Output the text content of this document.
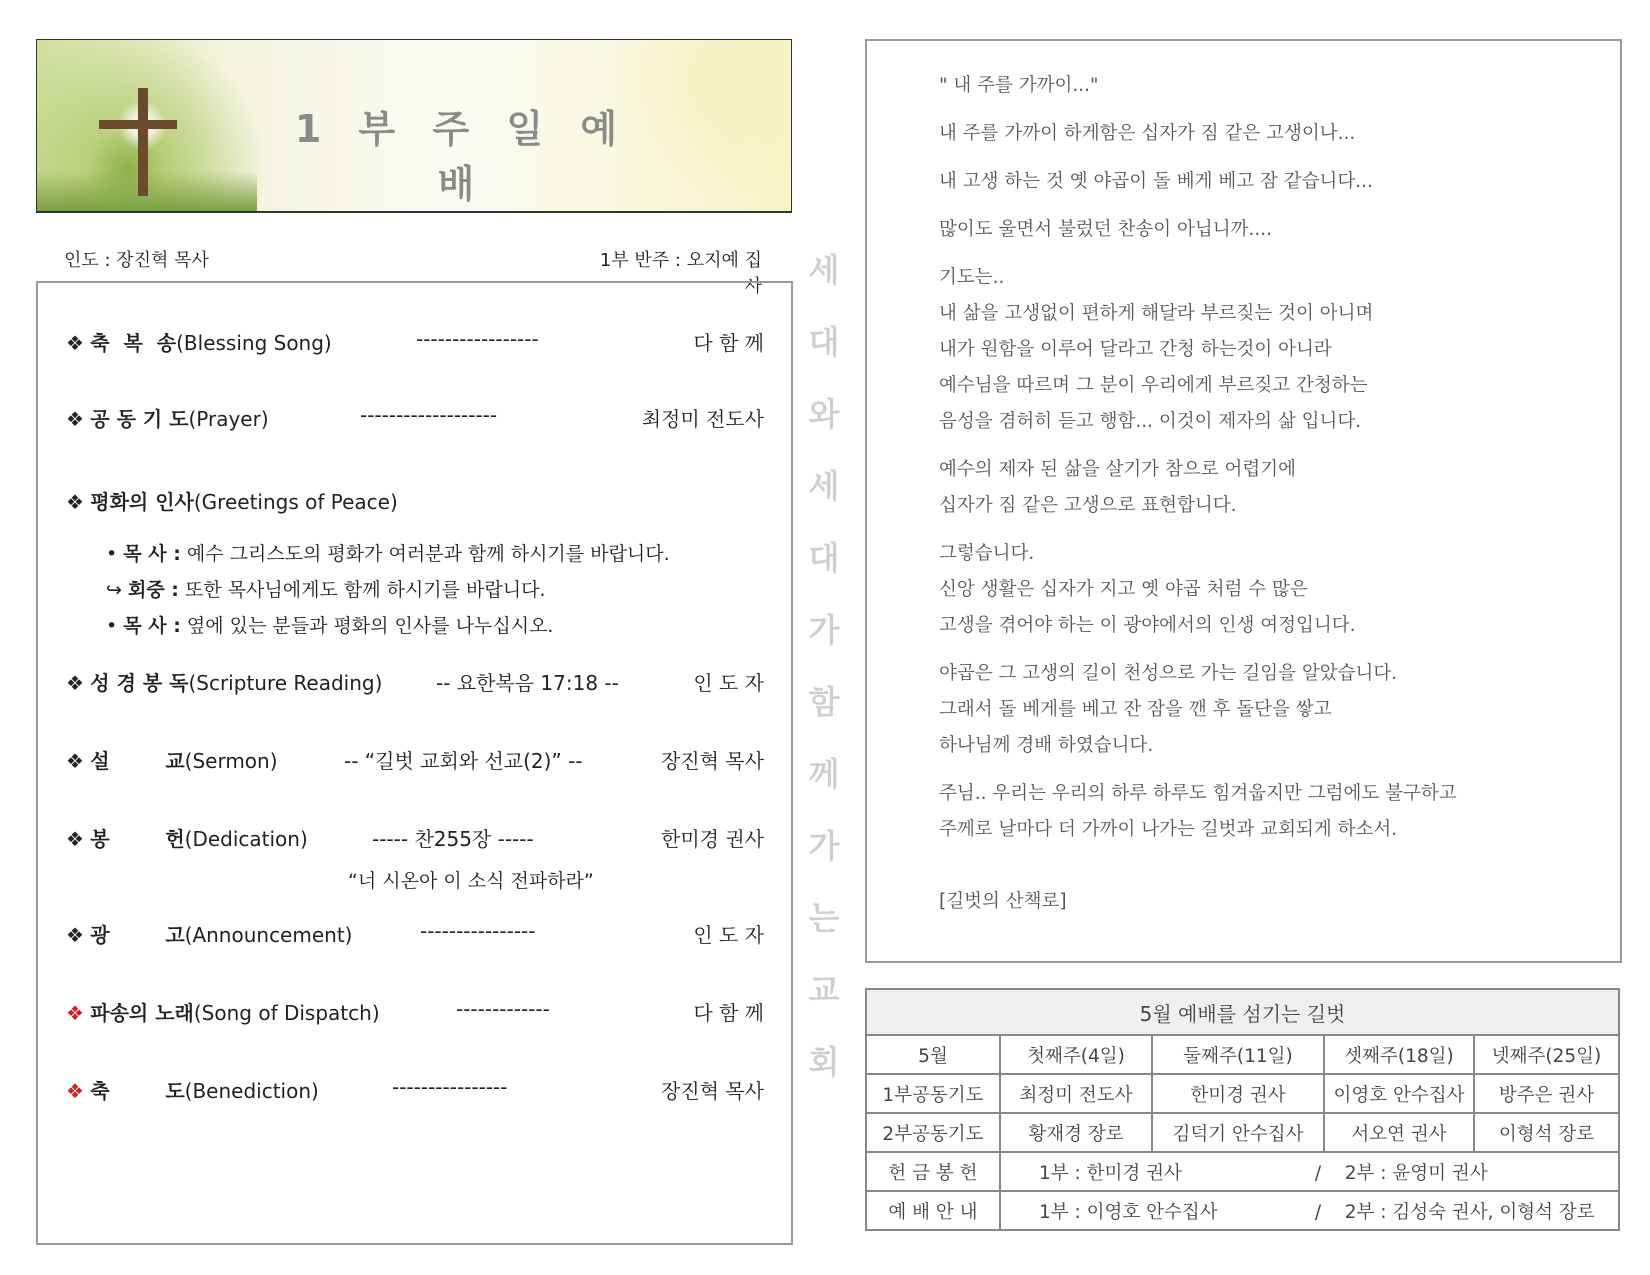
1 부 주 일 예 배
인도 : 장진혁 목사	1부 반주 : 오지예 집사
❖ 축  복  송(Blessing Song)	-----------------	다 함 께
❖ 공 동 기 도(Prayer)	-------------------	최정미 전도사
❖ 평화의 인사(Greetings of Peace)
• 목 사 : 예수 그리스도의 평화가 여러분과 함께 하시기를 바랍니다.
↪ 회중 : 또한 목사님에게도 함께 하시기를 바랍니다.
• 목 사 : 옆에 있는 분들과 평화의 인사를 나누십시오.
❖ 성 경 봉 독(Scripture Reading)	-- 요한복음 17:18 --	인 도 자
❖ 설        교(Sermon)	-- “길벗 교회와 선교(2)” --	장진혁 목사
❖ 봉        헌(Dedication)	----- 찬255장 -----	한미경 권사
“너 시온아 이 소식 전파하라”
❖ 광        고(Announcement)	----------------	인 도 자
❖ 파송의 노래(Song of Dispatch)	-------------	다 함 께
❖ 축        도(Benediction)	----------------	장진혁 목사
세
대
와
세
대
가
함
께
가
는
교
회
" 내 주를 가까이..."
내 주를 가까이 하게함은 십자가 짐 같은 고생이나...
내 고생 하는 것 옛 야곱이 돌 베게 베고 잠 같습니다...
많이도 울면서 불렀던 찬송이 아닙니까....
기도는..
내 삶을 고생없이 편하게 해달라 부르짖는 것이 아니며
내가 원함을 이루어 달라고 간청 하는것이 아니라
예수님을 따르며 그 분이 우리에게 부르짖고 간청하는
음성을 겸허히 듣고 행함... 이것이 제자의 삶 입니다.
예수의 제자 된 삶을 살기가 참으로 어렵기에
십자가 짐 같은 고생으로 표현합니다.
그렇습니다.
신앙 생활은 십자가 지고 옛 야곱 처럼 수 많은
고생을 겪어야 하는 이 광야에서의 인생 여정입니다.
야곱은 그 고생의 길이 천성으로 가는 길임을 알았습니다.
그래서 돌 베게를 베고 잔 잠을 깬 후 돌단을 쌓고
하나님께 경배 하였습니다.
주님.. 우리는 우리의 하루 하루도 힘겨웁지만 그럼에도 불구하고
주께로 날마다 더 가까이 나가는 길벗과 교회되게 하소서.
[길벗의 산책로]
5월 예배를 섬기는 길벗				
5월	첫째주(4일)	둘째주(11일)	셋째주(18일)	넷째주(25일)
1부공동기도	최정미 전도사	한미경 권사	이영호 안수집사	방주은 권사
2부공동기도	황재경 장로	김덕기 안수집사	서오연 권사	이형석 장로
헌 금 봉 헌	1부 : 한미경 권사 / 2부 : 윤영미 권사			
예 배 안 내	1부 : 이영호 안수집사 / 2부 : 김성숙 권사, 이형석 장로			
